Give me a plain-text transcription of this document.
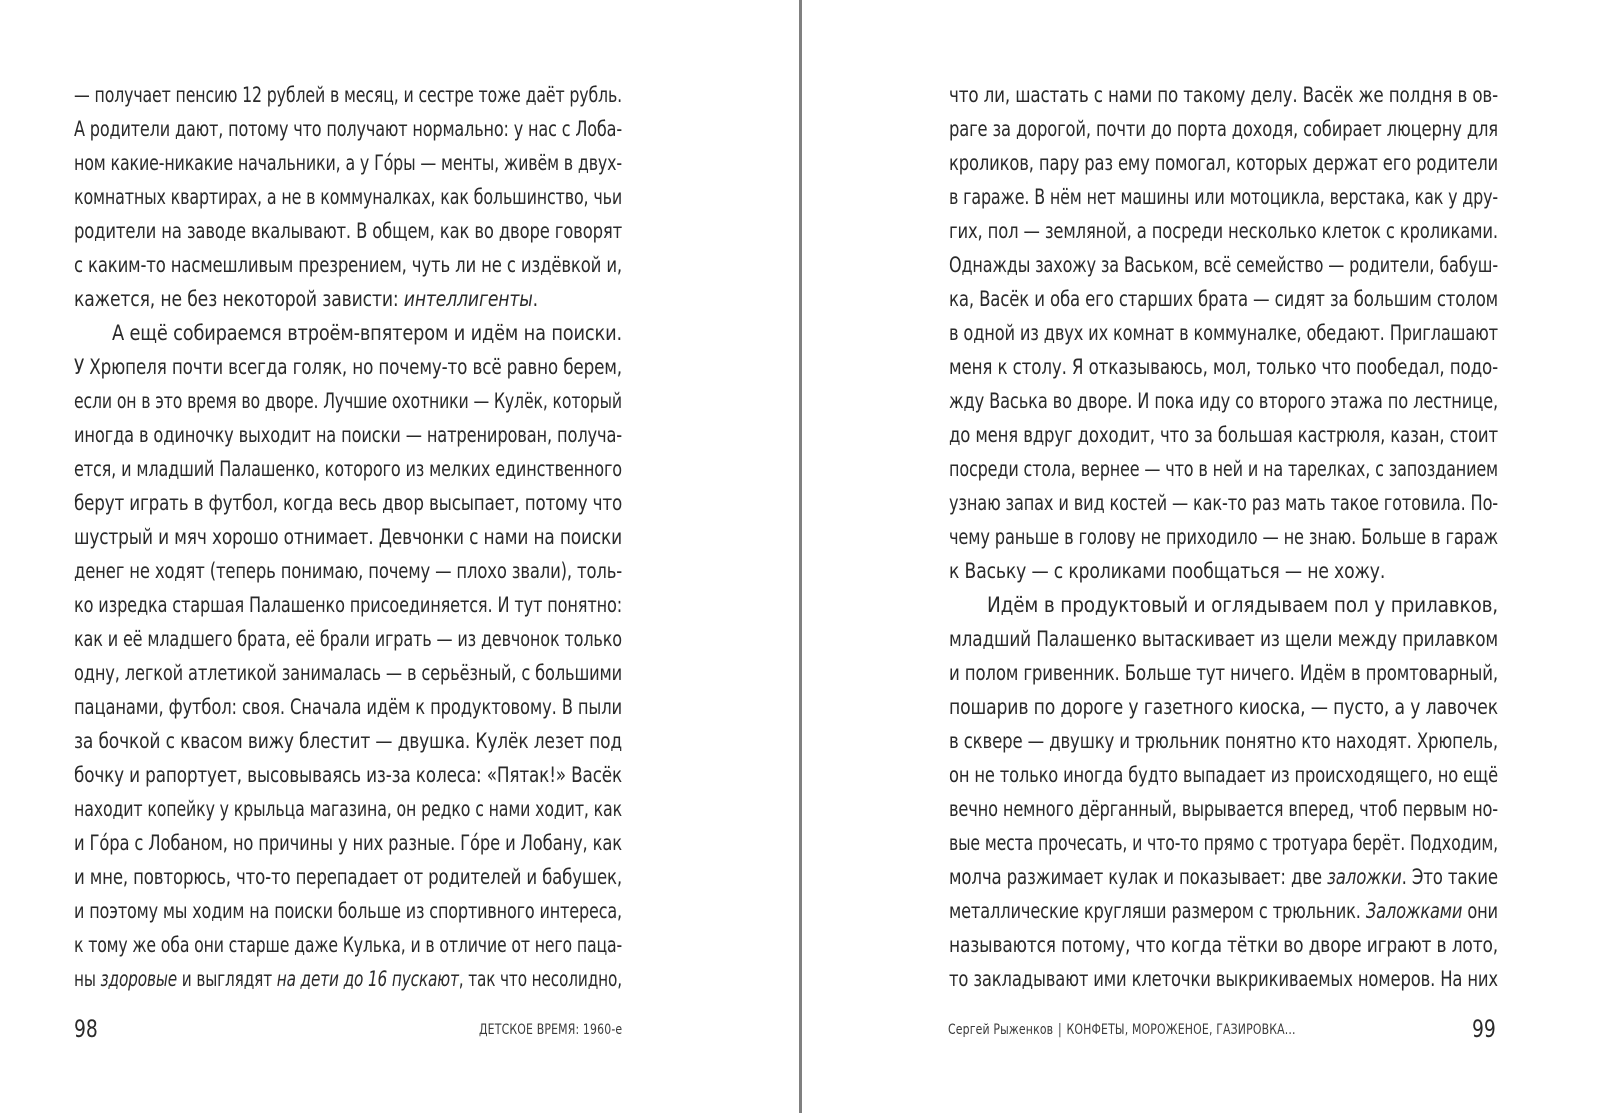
— получает пенсию 12 рублей в месяц, и сестре тоже даёт рубль.
А родители дают, потому что получают нормально: у нас с Лоба-
ном какие-никакие начальники, а у Гóры — менты, живём в двух-
комнатных квартирах, а не в коммуналках, как большинство, чьи
родители на заводе вкалывают. В общем, как во дворе говорят
с каким-то насмешливым презрением, чуть ли не с издёвкой и,
кажется, не без некоторой зависти: интеллигенты.
А ещё собираемся втроём-впятером и идём на поиски.
У Хрюпеля почти всегда голяк, но почему-то всё равно берем,
если он в это время во дворе. Лучшие охотники — Кулёк, который
иногда в одиночку выходит на поиски — натренирован, получа-
ется, и младший Палашенко, которого из мелких единственного
берут играть в футбол, когда весь двор высыпает, потому что
шустрый и мяч хорошо отнимает. Девчонки с нами на поиски
денег не ходят (теперь понимаю, почему — плохо звали), толь-
ко изредка старшая Палашенко присоединяется. И тут понятно:
как и её младшего брата, её брали играть — из девчонок только
одну, легкой атлетикой занималась — в серьёзный, с большими
пацанами, футбол: своя. Сначала идём к продуктовому. В пыли
за бочкой с квасом вижу блестит — двушка. Кулёк лезет под
бочку и рапортует, высовываясь из-за колеса: «Пятак!» Васёк
находит копейку у крыльца магазина, он редко с нами ходит, как
и Гóра с Лобаном, но причины у них разные. Гóре и Лобану, как
и мне, повторюсь, что-то перепадает от родителей и бабушек,
и поэтому мы ходим на поиски больше из спортивного интереса,
к тому же оба они старше даже Кулька, и в отличие от него паца-
ны здоровые и выглядят на дети до 16 пускают, так что несолидно,
что ли, шастать с нами по такому делу. Васёк же полдня в ов-
раге за дорогой, почти до порта доходя, собирает люцерну для
кроликов, пару раз ему помогал, которых держат его родители
в гараже. В нём нет машины или мотоцикла, верстака, как у дру-
гих, пол — земляной, а посреди несколько клеток с кроликами.
Однажды захожу за Васьком, всё семейство — родители, бабуш-
ка, Васёк и оба его старших брата — сидят за большим столом
в одной из двух их комнат в коммуналке, обедают. Приглашают
меня к столу. Я отказываюсь, мол, только что пообедал, подо-
жду Васька во дворе. И пока иду со второго этажа по лестнице,
до меня вдруг доходит, что за большая кастрюля, казан, стоит
посреди стола, вернее — что в ней и на тарелках, с запозданием
узнаю запах и вид костей — как-то раз мать такое готовила. По-
чему раньше в голову не приходило — не знаю. Больше в гараж
к Ваську — с кроликами пообщаться — не хожу.
Идём в продуктовый и оглядываем пол у прилавков,
младший Палашенко вытаскивает из щели между прилавком
и полом гривенник. Больше тут ничего. Идём в промтоварный,
пошарив по дороге у газетного киоска, — пусто, а у лавочек
в сквере — двушку и трюльник понятно кто находят. Хрюпель,
он не только иногда будто выпадает из происходящего, но ещё
вечно немного дёрганный, вырывается вперед, чтоб первым но-
вые места прочесать, и что-то прямо с тротуара берёт. Подходим,
молча разжимает кулак и показывает: две заложки. Это такие
металлические кругляши размером с трюльник. Заложками они
называются потому, что когда тётки во дворе играют в лото,
то закладывают ими клеточки выкрикиваемых номеров. На них
98	ДЕТСКОЕ ВРЕМЯ: 1960-е	Сергей Рыженков | КОНФЕТЫ, МОРОЖЕНОЕ, ГАЗИРОВКА...	99
